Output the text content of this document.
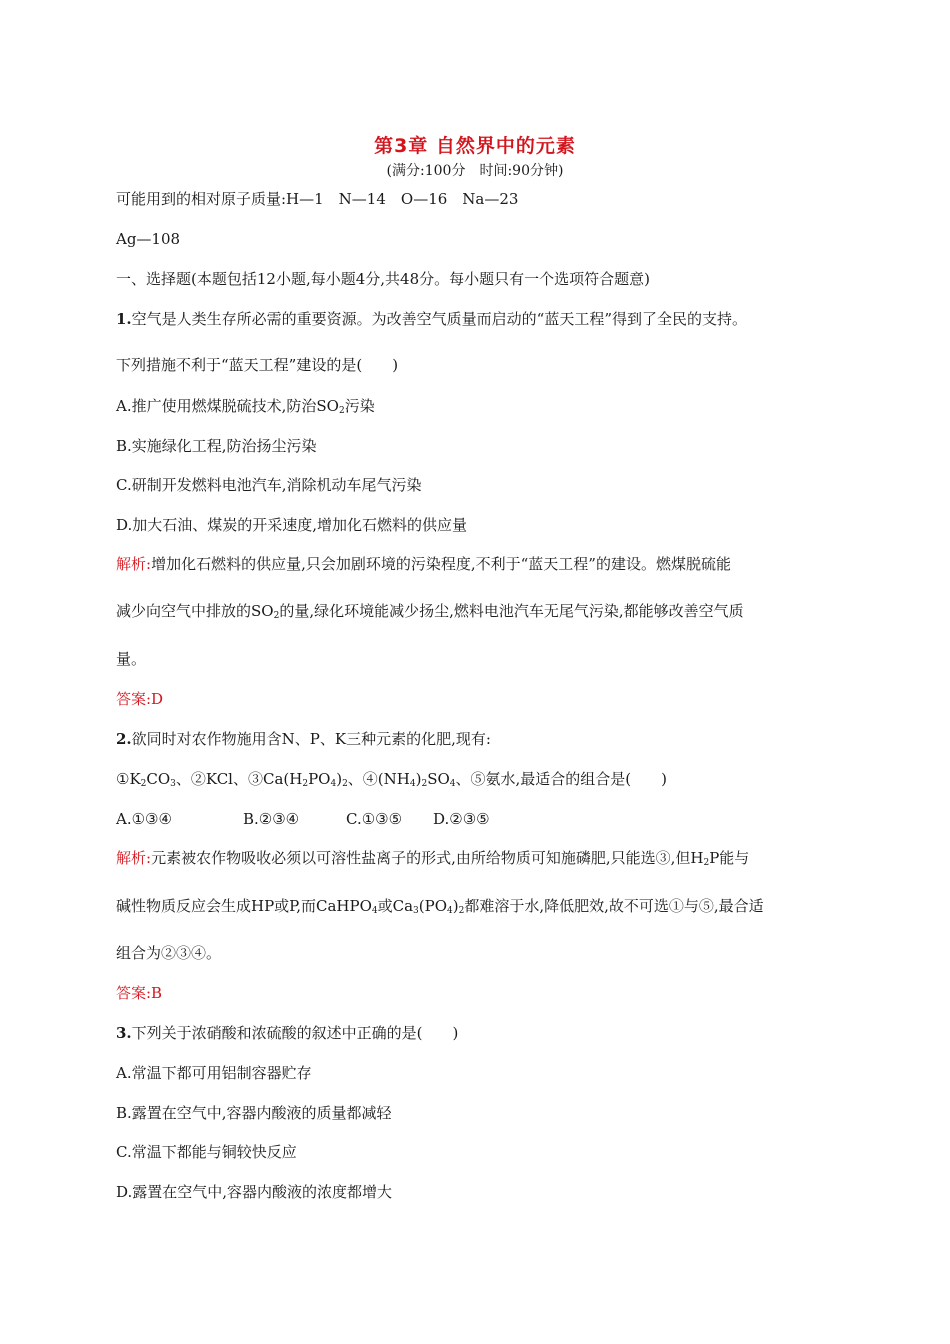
第3章 自然界中的元素
(满分:100分　时间:90分钟)
可能用到的相对原子质量:H—1　N—14　O—16　Na—23
Ag—108
一、选择题(本题包括12小题,每小题4分,共48分。每小题只有一个选项符合题意)
1.空气是人类生存所必需的重要资源。为改善空气质量而启动的“蓝天工程”得到了全民的支持。
下列措施不利于“蓝天工程”建设的是(　　)
A.推广使用燃煤脱硫技术,防治$SO_2$污染
B.实施绿化工程,防治扬尘污染
C.研制开发燃料电池汽车,消除机动车尾气污染
D.加大石油、煤炭的开采速度,增加化石燃料的供应量
解析:增加化石燃料的供应量,只会加剧环境的污染程度,不利于“蓝天工程”的建设。燃煤脱硫能
减少向空气中排放的$SO_2$的量,绿化环境能减少扬尘,燃料电池汽车无尾气污染,都能够改善空气质
量。
答案:D
2.欲同时对农作物施用含N、P、K三种元素的化肥,现有:
$①K_2CO_3$、②KCl、$③Ca(H_2PO_4)_2$、$④(NH_4)_2SO_4$、⑤氨水,最适合的组合是(　　)
A.①③④	B.②③④	C.①③⑤ D.②③⑤
解析:元素被农作物吸收必须以可溶性盐离子的形式,由所给物质可知施磷肥,只能选③,但$H_2P$能与
碱性物质反应会生成HP或P,而CaHPO$_4$或$Ca_3(PO_4)_2$都难溶于水,降低肥效,故不可选①与⑤,最合适
组合为②③④。
答案:B
3.下列关于浓硝酸和浓硫酸的叙述中正确的是(　　)
A.常温下都可用铝制容器贮存
B.露置在空气中,容器内酸液的质量都减轻
C.常温下都能与铜较快反应
D.露置在空气中,容器内酸液的浓度都增大
